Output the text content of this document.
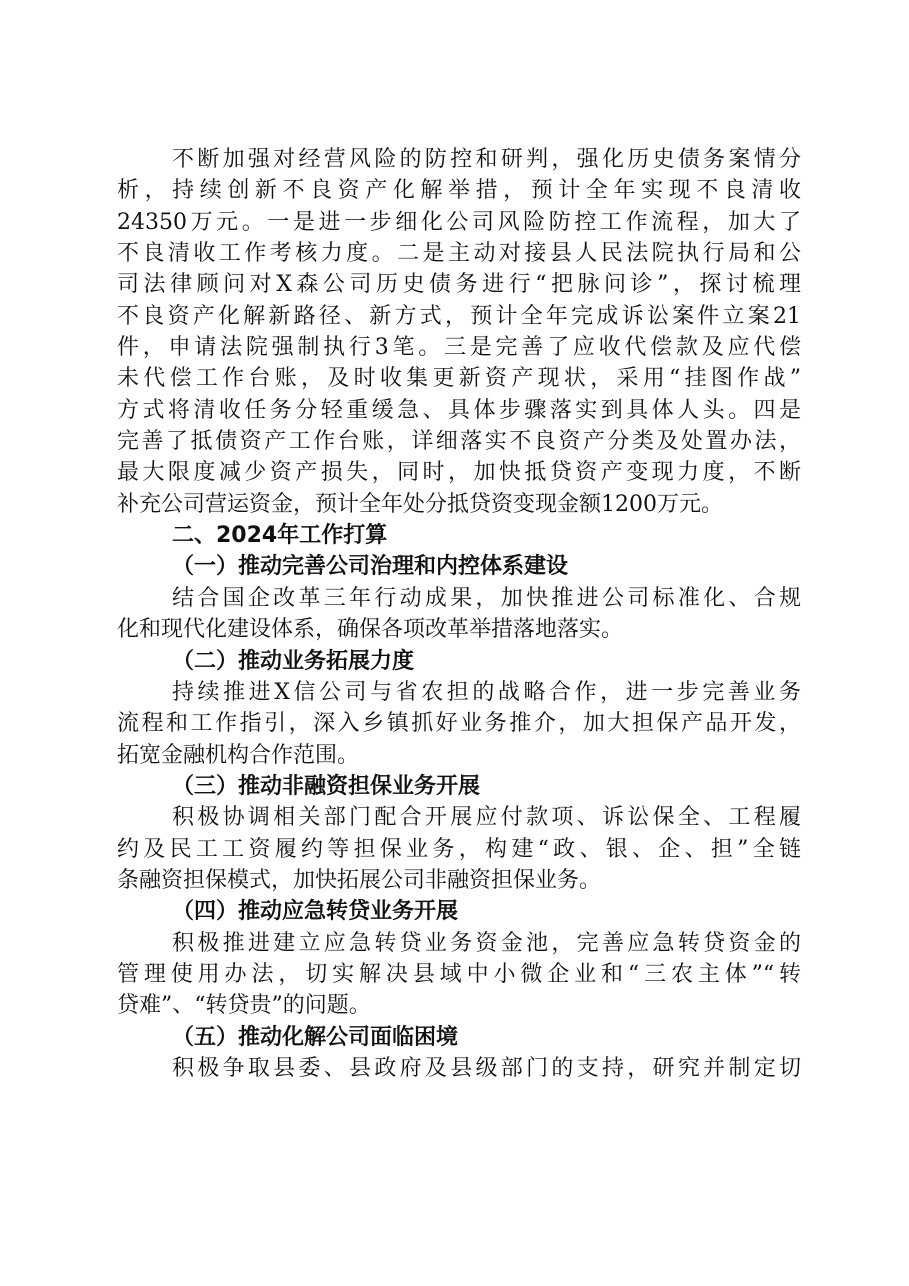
不断加强对经营风险的防控和研判，强化历史债务案情分
析，持续创新不良资产化解举措，预计全年实现不良清收
24350万元。一是进一步细化公司风险防控工作流程，加大了
不良清收工作考核力度。二是主动对接县人民法院执行局和公
司法律顾问对X森公司历史债务进行“把脉问诊”，探讨梳理
不良资产化解新路径、新方式，预计全年完成诉讼案件立案21
件，申请法院强制执行3笔。三是完善了应收代偿款及应代偿
未代偿工作台账，及时收集更新资产现状，采用“挂图作战”
方式将清收任务分轻重缓急、具体步骤落实到具体人头。四是
完善了抵债资产工作台账，详细落实不良资产分类及处置办法，
最大限度减少资产损失，同时，加快抵贷资产变现力度，不断
补充公司营运资金，预计全年处分抵贷资变现金额1200万元。
二、2024年工作打算
（一）推动完善公司治理和内控体系建设
结合国企改革三年行动成果，加快推进公司标准化、合规
化和现代化建设体系，确保各项改革举措落地落实。
（二）推动业务拓展力度
持续推进X信公司与省农担的战略合作，进一步完善业务
流程和工作指引，深入乡镇抓好业务推介，加大担保产品开发，
拓宽金融机构合作范围。
（三）推动非融资担保业务开展
积极协调相关部门配合开展应付款项、诉讼保全、工程履
约及民工工资履约等担保业务，构建“政、银、企、担”全链
条融资担保模式，加快拓展公司非融资担保业务。
（四）推动应急转贷业务开展
积极推进建立应急转贷业务资金池，完善应急转贷资金的
管理使用办法，切实解决县域中小微企业和“三农主体”“转
贷难”、“转贷贵”的问题。
（五）推动化解公司面临困境
积极争取县委、县政府及县级部门的支持，研究并制定切
